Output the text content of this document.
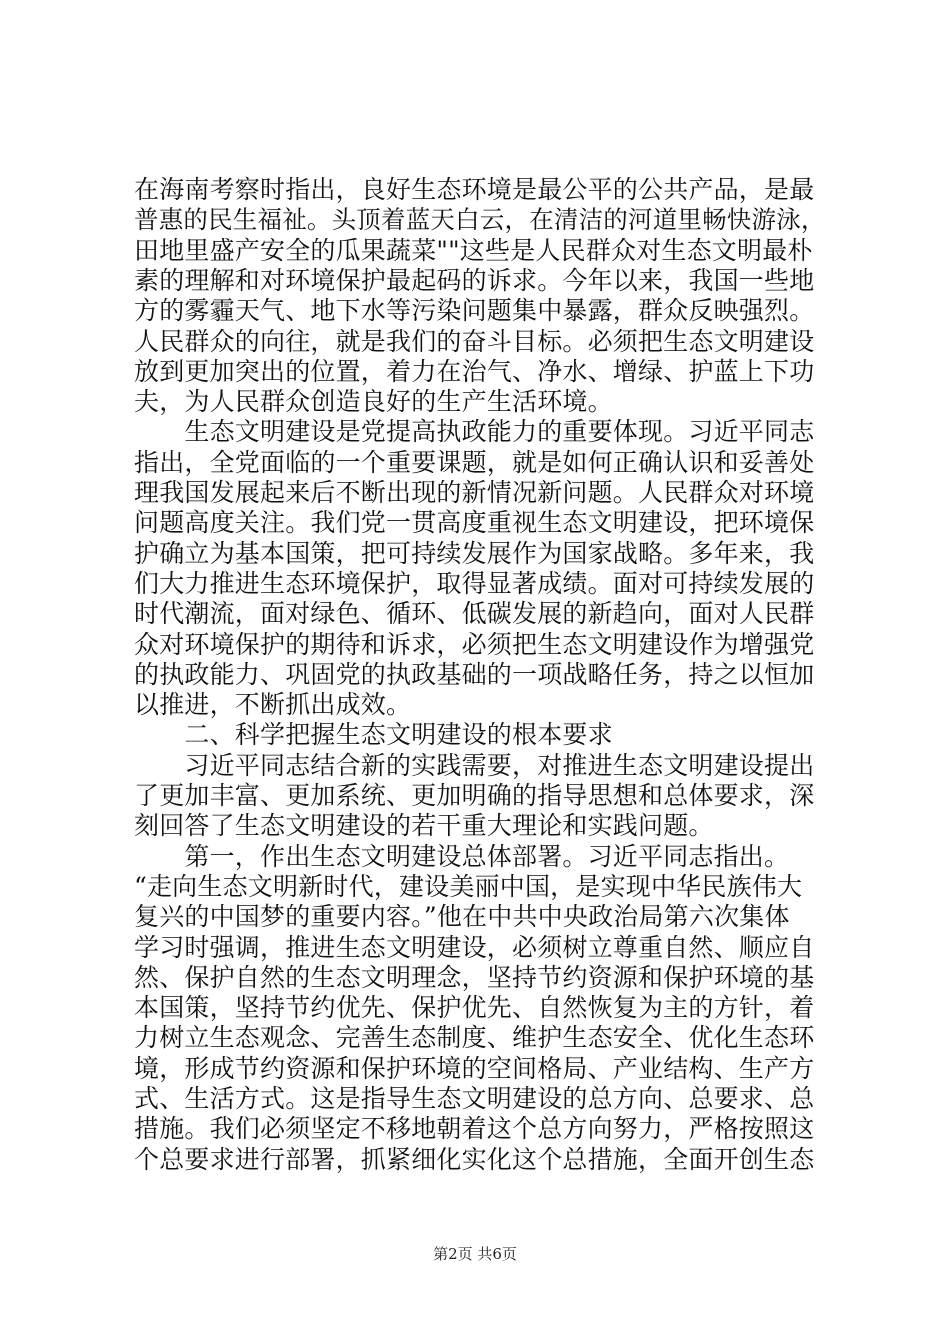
在海南考察时指出，良好生态环境是最公平的公共产品，是最
普惠的民生福祉。头顶着蓝天白云，在清洁的河道里畅快游泳，
田地里盛产安全的瓜果蔬菜""这些是人民群众对生态文明最朴
素的理解和对环境保护最起码的诉求。今年以来，我国一些地
方的雾霾天气、地下水等污染问题集中暴露，群众反映强烈。
人民群众的向往，就是我们的奋斗目标。必须把生态文明建设
放到更加突出的位置，着力在治气、净水、增绿、护蓝上下功
夫，为人民群众创造良好的生产生活环境。
　　生态文明建设是党提高执政能力的重要体现。习近平同志
指出，全党面临的一个重要课题，就是如何正确认识和妥善处
理我国发展起来后不断出现的新情况新问题。人民群众对环境
问题高度关注。我们党一贯高度重视生态文明建设，把环境保
护确立为基本国策，把可持续发展作为国家战略。多年来，我
们大力推进生态环境保护，取得显著成绩。面对可持续发展的
时代潮流，面对绿色、循环、低碳发展的新趋向，面对人民群
众对环境保护的期待和诉求，必须把生态文明建设作为增强党
的执政能力、巩固党的执政基础的一项战略任务，持之以恒加
以推进，不断抓出成效。
　　二、科学把握生态文明建设的根本要求
　　习近平同志结合新的实践需要，对推进生态文明建设提出
了更加丰富、更加系统、更加明确的指导思想和总体要求，深
刻回答了生态文明建设的若干重大理论和实践问题。
　　第一，作出生态文明建设总体部署。习近平同志指出。
“走向生态文明新时代，建设美丽中国，是实现中华民族伟大
复兴的中国梦的重要内容。”他在中共中央政治局第六次集体
学习时强调，推进生态文明建设，必须树立尊重自然、顺应自
然、保护自然的生态文明理念，坚持节约资源和保护环境的基
本国策，坚持节约优先、保护优先、自然恢复为主的方针，着
力树立生态观念、完善生态制度、维护生态安全、优化生态环
境，形成节约资源和保护环境的空间格局、产业结构、生产方
式、生活方式。这是指导生态文明建设的总方向、总要求、总
措施。我们必须坚定不移地朝着这个总方向努力，严格按照这
个总要求进行部署，抓紧细化实化这个总措施，全面开创生态
第2页 共6页
